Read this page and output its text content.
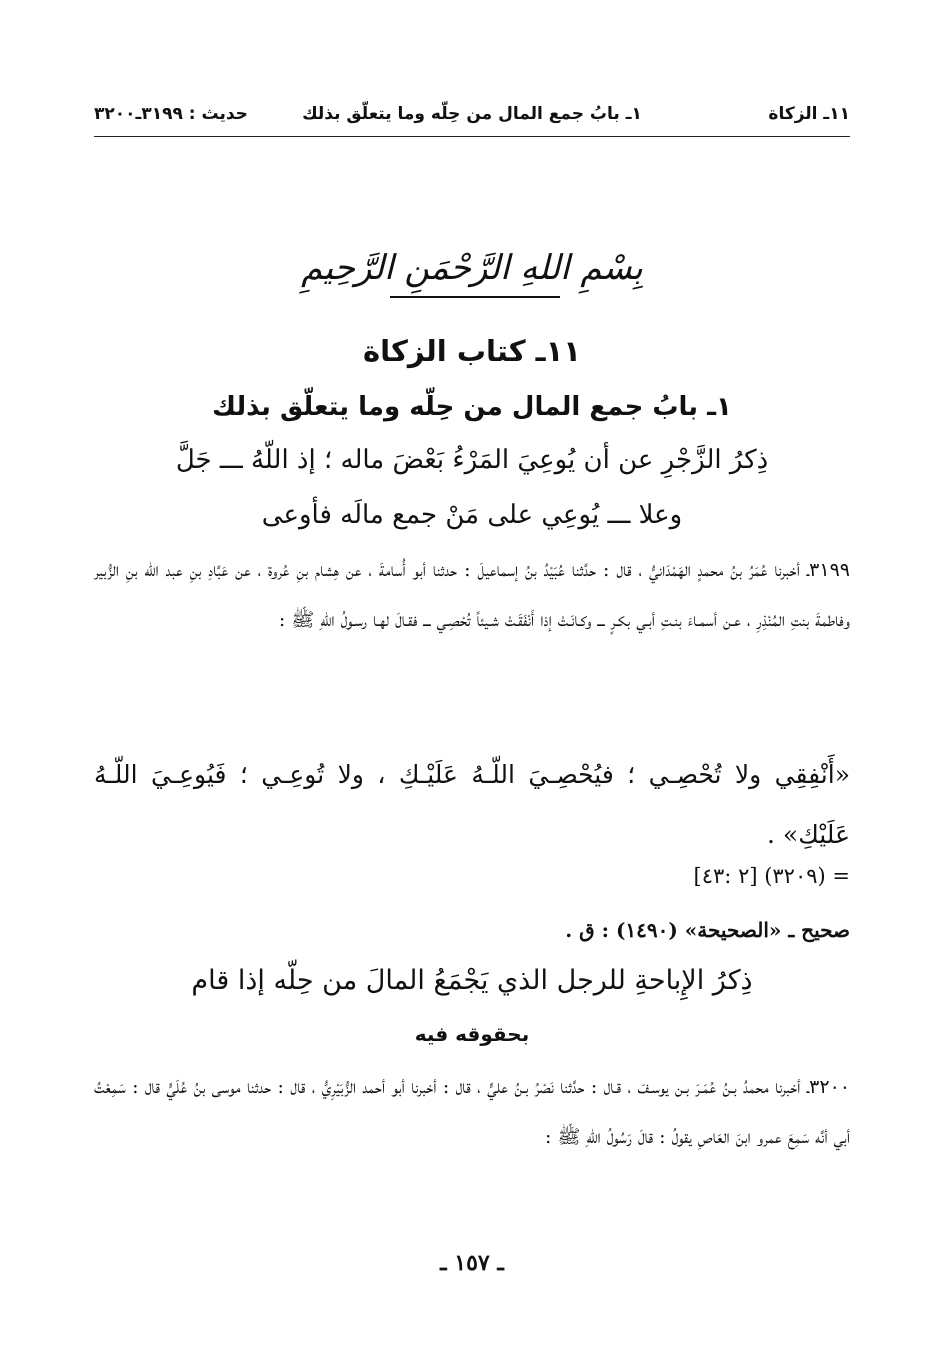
١١ـ الزكاة
١ـ بابُ جمع المال من حِلّه وما يتعلّق بذلك
حديث : ٣١٩٩ـ٣٢٠٠
بِسْمِ اللهِ الرَّحْمَنِ الرَّحِيمِ
١١ـ كتاب الزكاة
١ـ بابُ جمع المال من حِلّه وما يتعلّق بذلك
ذِكرُ الزَّجْرِ عن أن يُوعِيَ المَرْءُ بَعْضَ ماله ؛ إذ اللّهُ ـــ جَلَّ
وعلا ـــ يُوعِي على مَنْ جمع مالَه فأوعى
٣١٩٩ـ أخبرنا عُمَرُ بنُ محمدٍ الهَمْدَانيُّ ، قال : حدَّثنا عُبَيْدُ بنُ إسماعيلَ : حدثنا أبو أُسامةَ ، عن هِشام بنِ عُروة ، عن عَبَّادِ بنِ عبد اللّه بنِ الزُّبير وفاطمةَ بنتِ المُنْذِرِ ، عـن أسمـاءَ بنـتِ أبـي بكـرٍ ـــ وكـانَـتْ إذا أَنْفَقَـتْ شـيئاً تُحْصِـي ـــ فقـالَ لهـا رسـولُ اللّهِ ﷺ :
«أَنْفِقِي ولا تُحْصِـي ؛ فيُحْصِـيَ اللّـهُ عَلَيْـكِ ، ولا تُوعِـي ؛ فَيُوعِـيَ اللّـهُ عَلَيْكِ» .
= (٣٢٠٩) [٢ :٤٣]
صحيح ـ «الصحيحة» (١٤٩٠) : ق .
ذِكرُ الإِباحةِ للرجل الذي يَجْمَعُ المالَ من حِلّه إذا قام
بحقوقه فيه
٣٢٠٠ـ أخبرنا محمدُ بـنُ عُمَـرَ بـن يوسـفَ ، قـال : حدَّثنا نَصْرُ بـنُ عليٍّ ، قال : أخبرنا أبو أحمد الزُّبَيْرِيُّ ، قال : حدثنا موسى بنُ عُلَيٍّ قال : سَمِعْتُ أبي أنَّه سَمِعَ عمرو ابنَ العَاصِ يقولُ : قالَ رَسُولُ اللّهِ ﷺ :
ـ ١٥٧ ـ
